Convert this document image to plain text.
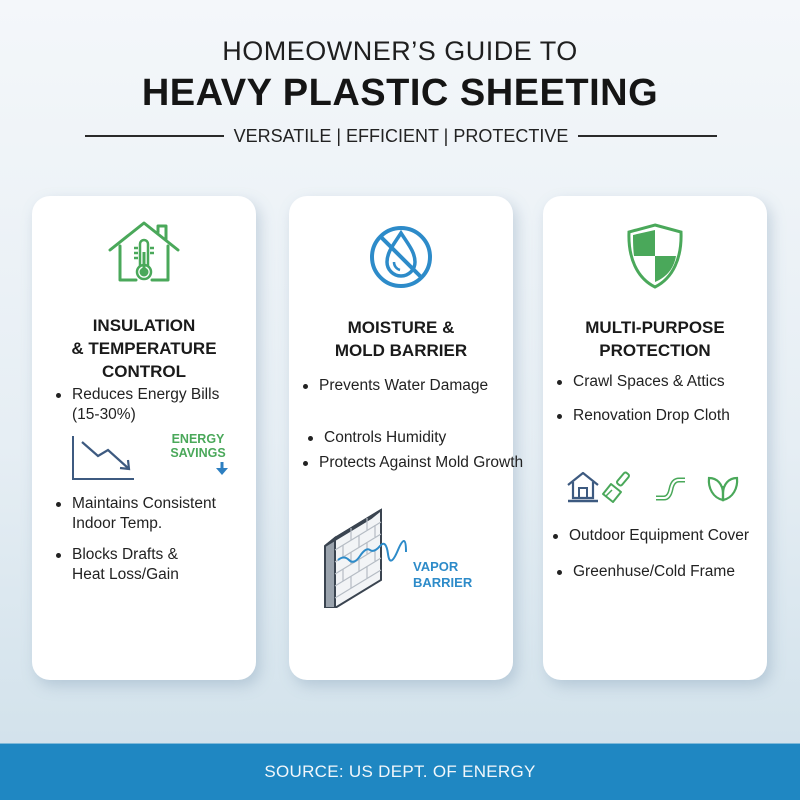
HOMEOWNER’S GUIDE TO
HEAVY PLASTIC SHEETING
VERSATILE | EFFICIENT | PROTECTIVE
INSULATION
& TEMPERATURE
CONTROL
Reduces Energy Bills
(15-30%)
ENERGY
SAVINGS
Maintains Consistent
Indoor Temp.
Blocks Drafts &
Heat Loss/Gain
MOISTURE &
MOLD BARRIER
Prevents Water Damage
Controls Humidity
Protects Against Mold Growth
VAPOR
BARRIER
MULTI-PURPOSE
PROTECTION
Crawl Spaces & Attics
Renovation Drop Cloth
Outdoor Equipment Cover
Greenhuse/Cold Frame
SOURCE: US DEPT. OF ENERGY
